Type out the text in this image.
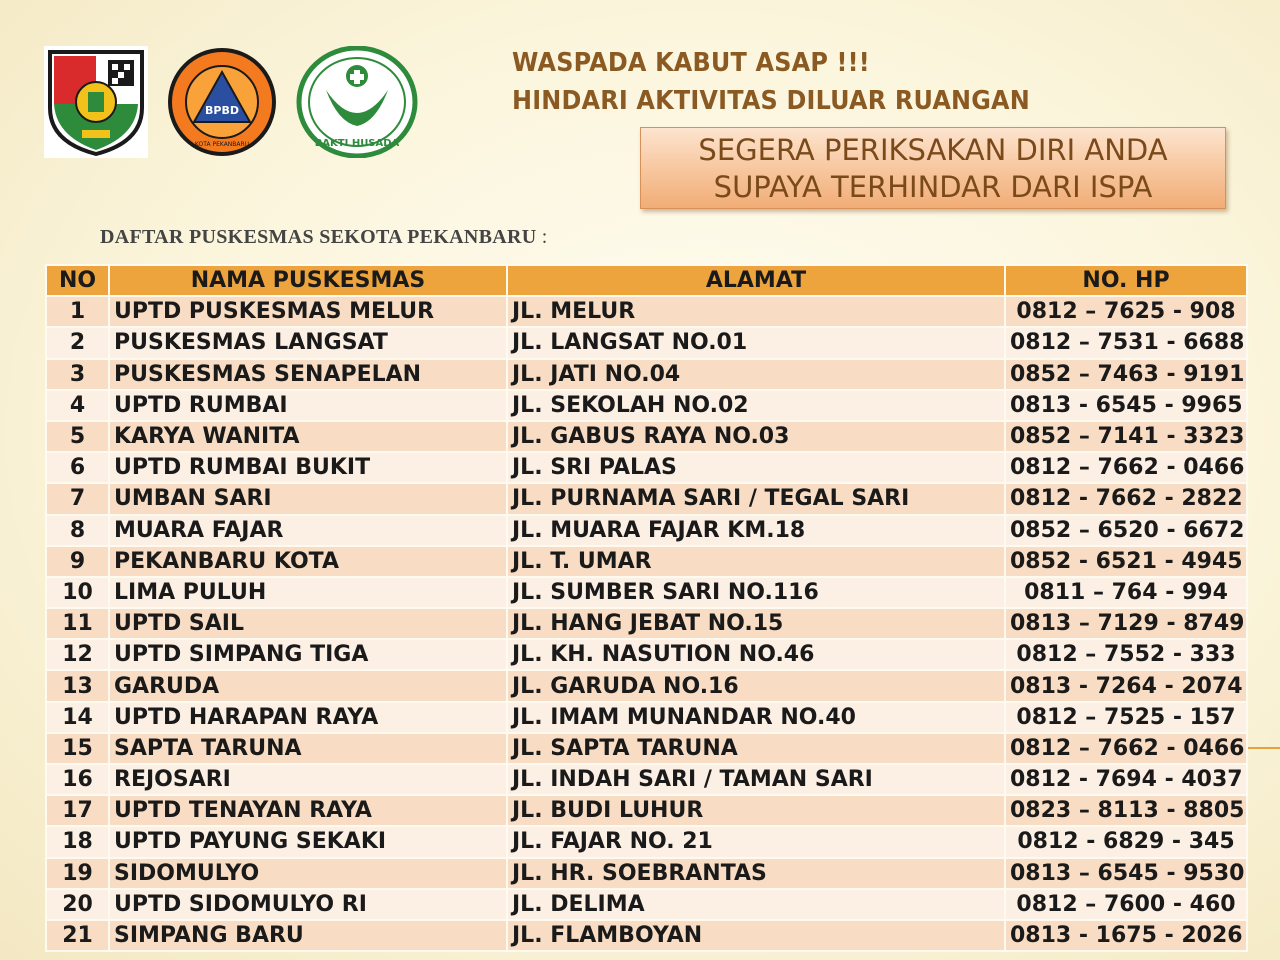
BPBD
KOTA PEKANBARU	BAKTI HUSADA
WASPADA KABUT ASAP !!!
HINDARI AKTIVITAS DILUAR RUANGAN
SEGERA PERIKSAKAN DIRI ANDA
SUPAYA TERHINDAR DARI ISPA
DAFTAR PUSKESMAS SEKOTA PEKANBARU :
NO	NAMA PUSKESMAS	ALAMAT	NO. HP
1	UPTD PUSKESMAS MELUR	JL. MELUR	0812 – 7625 - 908
2	PUSKESMAS LANGSAT	JL. LANGSAT NO.01	0812 – 7531 - 6688
3	PUSKESMAS SENAPELAN	JL. JATI NO.04	0852 – 7463 - 9191
4	UPTD RUMBAI	JL. SEKOLAH NO.02	0813 - 6545 - 9965
5	KARYA WANITA	JL. GABUS RAYA NO.03	0852 – 7141 - 3323
6	UPTD RUMBAI BUKIT	JL. SRI PALAS	0812 – 7662 - 0466
7	UMBAN SARI	JL. PURNAMA SARI / TEGAL SARI	0812 - 7662 - 2822
8	MUARA FAJAR	JL. MUARA FAJAR KM.18	0852 – 6520 - 6672
9	PEKANBARU KOTA	JL. T. UMAR	0852 - 6521 - 4945
10	LIMA PULUH	JL. SUMBER SARI NO.116	0811 – 764 - 994
11	UPTD SAIL	JL. HANG JEBAT NO.15	0813 – 7129 - 8749
12	UPTD SIMPANG TIGA	JL. KH. NASUTION NO.46	0812 – 7552 - 333
13	GARUDA	JL. GARUDA NO.16	0813 - 7264 - 2074
14	UPTD HARAPAN RAYA	JL. IMAM MUNANDAR NO.40	0812 – 7525 - 157
15	SAPTA TARUNA	JL. SAPTA TARUNA	0812 – 7662 - 0466
16	REJOSARI	JL. INDAH SARI / TAMAN SARI	0812 - 7694 - 4037
17	UPTD TENAYAN RAYA	JL. BUDI LUHUR	0823 – 8113 - 8805
18	UPTD PAYUNG SEKAKI	JL. FAJAR NO. 21	0812 - 6829 - 345
19	SIDOMULYO	JL. HR. SOEBRANTAS	0813 – 6545 - 9530
20	UPTD SIDOMULYO RI	JL. DELIMA	0812 – 7600 - 460
21	SIMPANG BARU	JL. FLAMBOYAN	0813 - 1675 - 2026
